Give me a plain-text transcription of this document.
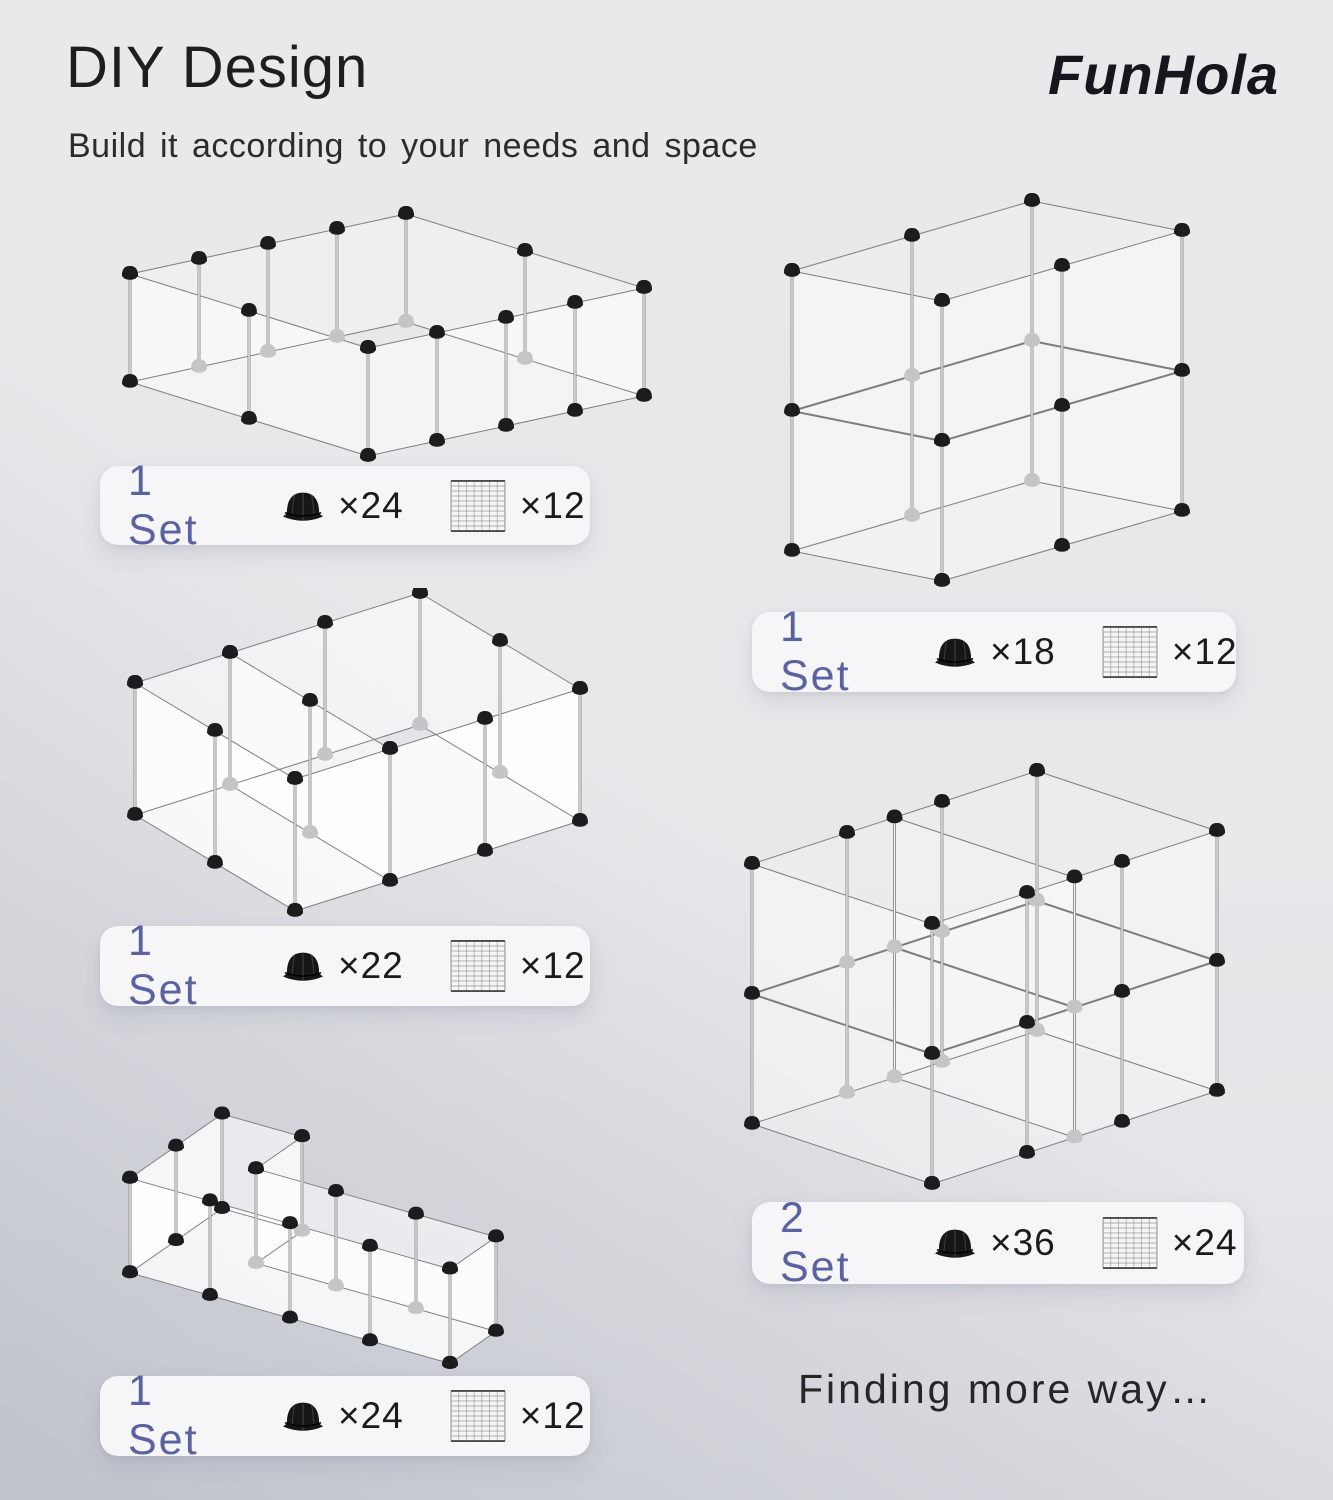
DIY Design
Build it according to your needs and space
FunHola
1 Set
×24	×12
1 Set
×18	×12
1 Set
×22	×12
1 Set
×24	×12
2 Set
×36	×24
Finding more way…
